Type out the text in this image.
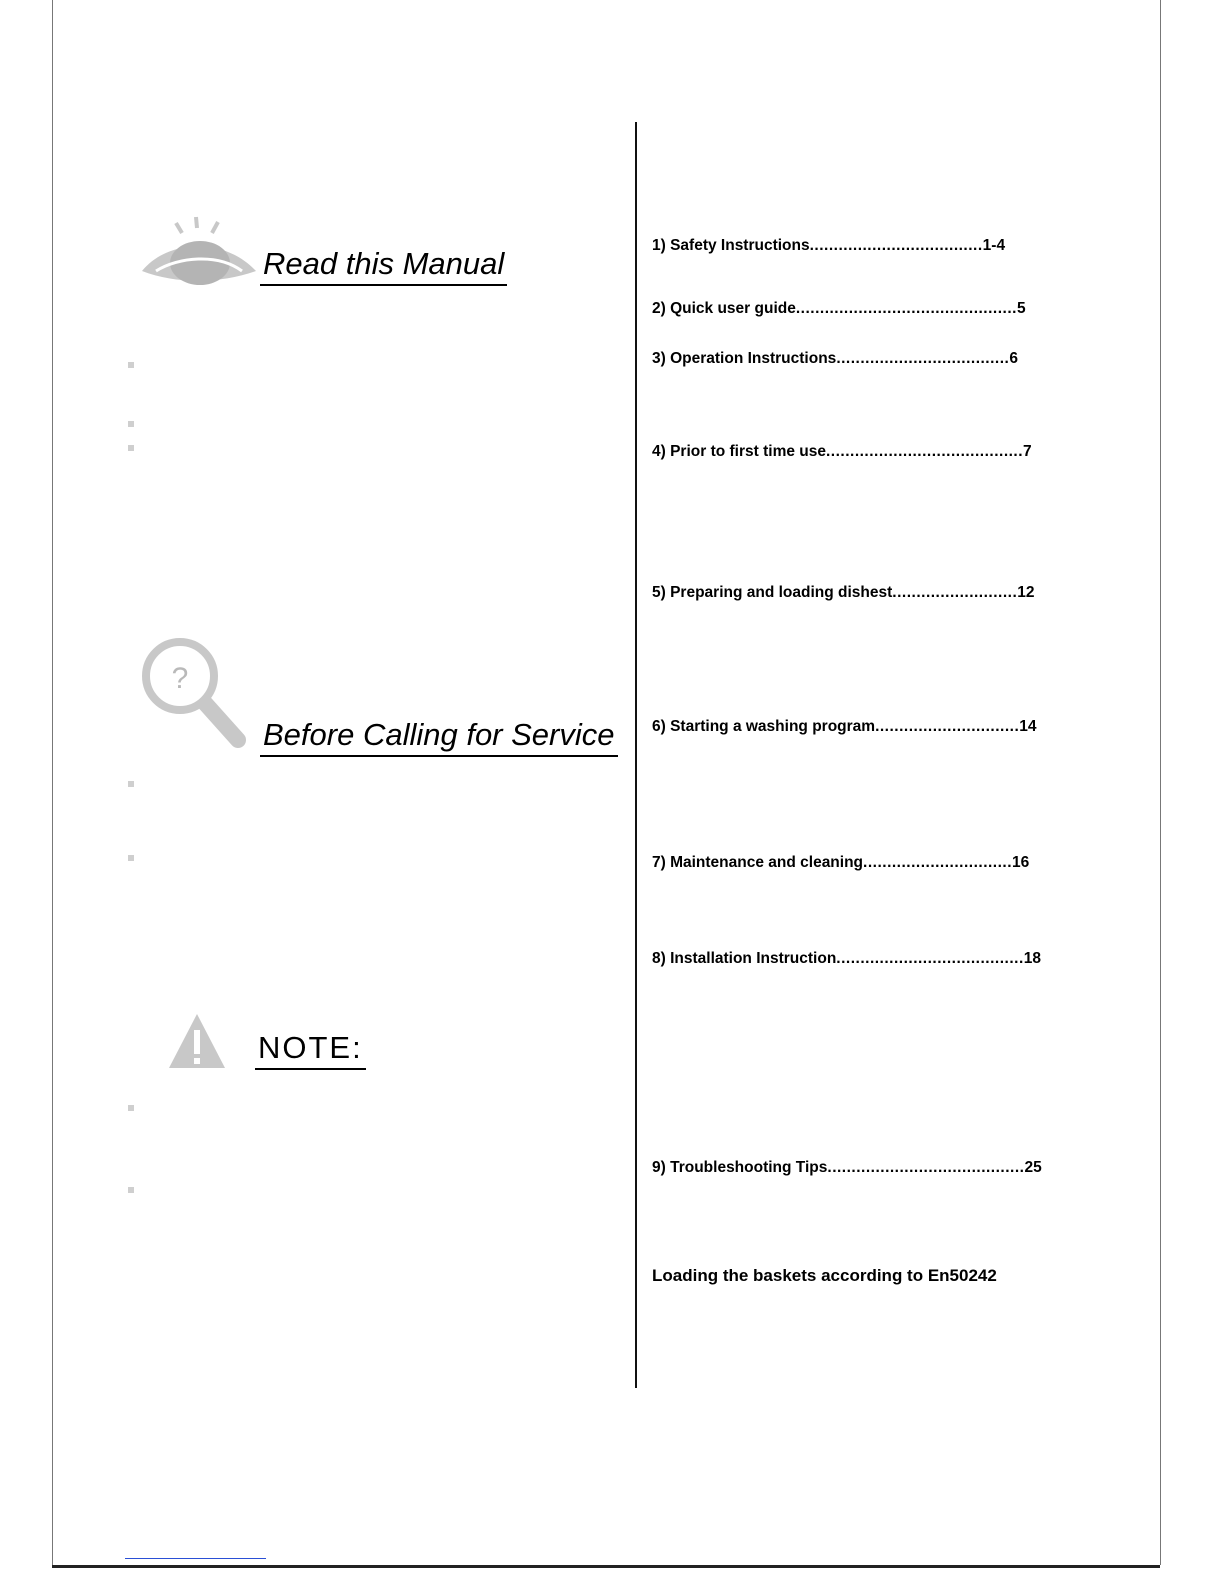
Read this Manual
?
Before Calling for Service
NOTE:
1) Safety Instructions....................................1-4
2) Quick user guide..............................................5
3) Operation Instructions....................................6
4) Prior to first time use.........................................7
5) Preparing and loading dishest..........................12
6) Starting a washing program..............................14
7) Maintenance and cleaning...............................16
8) Installation Instruction.......................................18
9) Troubleshooting Tips.........................................25
Loading the baskets according to En50242
